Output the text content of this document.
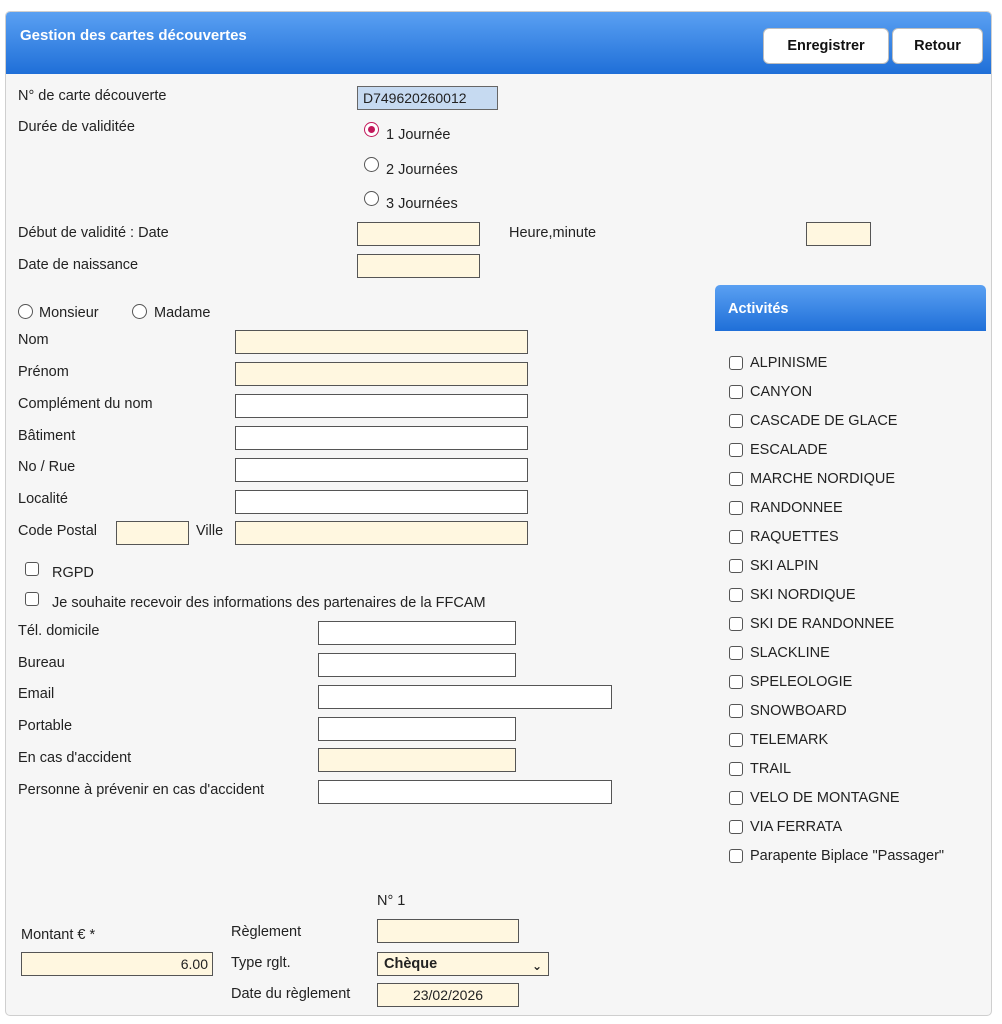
Gestion des cartes découvertes
Enregistrer	Retour
N° de carte découverte	D749620260012
Durée de validitée	1 Journée
2 Journées
3 Journées
Début de validité : Date	Heure,minute
Date de naissance
Monsieur	Madame
Nom
Prénom
Complément du nom
Bâtiment
No / Rue
Localité
Code Postal	Ville
RGPD
Je souhaite recevoir des informations des partenaires de la FFCAM
Tél. domicile
Bureau
Email
Portable
En cas d'accident
Personne à prévenir en cas d'accident
Activités
ALPINISME
CANYON
CASCADE DE GLACE
ESCALADE
MARCHE NORDIQUE
RANDONNEE
RAQUETTES
SKI ALPIN
SKI NORDIQUE
SKI DE RANDONNEE
SLACKLINE
SPELEOLOGIE
SNOWBOARD
TELEMARK
TRAIL
VELO DE MONTAGNE
VIA FERRATA
Parapente Biplace "Passager"
N° 1
Montant € *
6.00
Règlement
Type rglt.	Chèque	⌄
Date du règlement	23/02/2026
